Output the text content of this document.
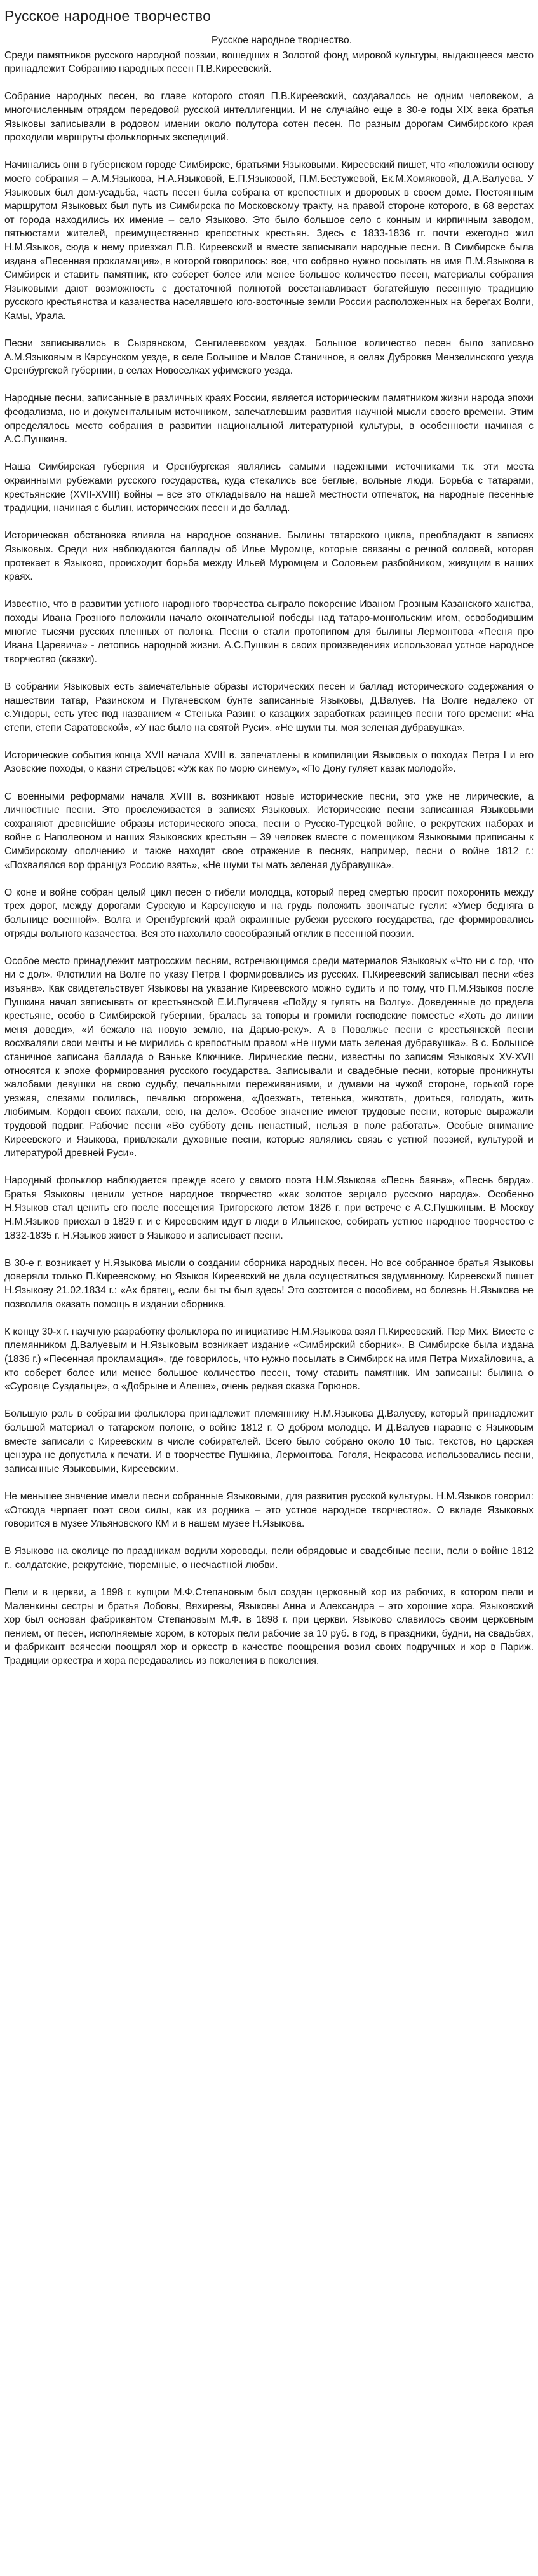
Русское народное творчество
Русское народное творчество.

Среди памятников русского народной поэзии, вошедших в Золотой фонд мировой культуры, выдающееся место принадлежит Собранию народных песен П.В.Киреевский.

Собрание народных песен, во главе которого стоял П.В.Киреевский, создавалось не одним человеком, а многочисленным отрядом передовой русской интеллигенции. И не случайно еще в 30-е годы XIX века братья Языковы записывали в родовом имении около полутора сотен песен. По разным дорогам Симбирского края проходили маршруты фольклорных экспедиций.

Начинались они в губернском городе Симбирске, братьями Языковыми. Киреевский пишет, что «положили основу моего собрания – А.М.Языкова, Н.А.Языковой, Е.П.Языковой, П.М.Бестужевой, Ек.М.Хомяковой, Д.А.Валуева. У Языковых был дом-усадьба, часть песен была собрана от крепостных и дворовых в своем доме. Постоянным маршрутом Языковых был путь из Симбирска по Московскому тракту, на правой стороне которого, в 68 верстах от города находились их имение – село Языково. Это было большое село с конным и кирпичным заводом, пятьюстами жителей, преимущественно крепостных крестьян. Здесь с 1833-1836 гг. почти ежегодно жил Н.М.Языков, сюда к нему приезжал П.В. Киреевский и вместе записывали народные песни. В Симбирске была издана «Песенная прокламация», в которой говорилось: все, что собрано нужно посылать на имя П.М.Языкова в Симбирск и ставить памятник, кто соберет более или менее большое количество песен, материалы собрания Языковыми дают возможность с достаточной полнотой восстанавливает богатейшую песенную традицию русского крестьянства и казачества населявшего юго-восточные земли России расположенных на берегах Волги, Камы, Урала.

Песни записывались в Сызранском, Сенгилеевском уездах. Большое количество песен было записано А.М.Языковым в Карсунском уезде, в селе Большое и Малое Станичное, в селах Дубровка Мензелинского уезда Оренбургской губернии, в селах Новоселках уфимского уезда.

Народные песни, записанные в различных краях России, является историческим памятником жизни народа эпохи феодализма, но и документальным источником, запечатлевшим развития научной мысли своего времени. Этим определялось место собрания в развитии национальной литературной культуры, в особенности начиная с А.С.Пушкина.

Наша Симбирская губерния и Оренбургская являлись самыми надежными источниками т.к. эти места окраинными рубежами русского государства, куда стекались все беглые, вольные люди. Борьба с татарами, крестьянские (XVII-XVIII) войны – все это откладывало на нашей местности отпечаток, на народные песенные традиции, начиная с былин, исторических песен и до баллад.

Историческая обстановка влияла на народное сознание. Былины татарского цикла, преобладают в записях Языковых. Среди них наблюдаются баллады об Илье Муромце, которые связаны с речной соловей, которая протекает в Языково, происходит борьба между Ильей Муромцем и Соловьем разбойником, живущим в наших краях.

Известно, что в развитии устного народного творчества сыграло покорение Иваном Грозным Казанского ханства, походы Ивана Грозного положили начало окончательной победы над татаро-монгольским игом, освободившим многие тысячи русских пленных от полона. Песни о стали протопипом для былины Лермонтова «Песня про Ивана Царевича» - летопись народной жизни. А.С.Пушкин в своих произведениях использовал устное народное творчество (сказки).

В собрании Языковых есть замечательные образы исторических песен и баллад исторического содержания о нашествии татар, Разинском и Пугачевском бунте записанные Языковы, Д.Валуев. На Волге недалеко от с.Ундоры, есть утес под названием « Стенька Разин; о казацких заработках разинцев песни того времени: «На степи, степи Саратовской», «У нас было на святой Руси», «Не шуми ты, моя зеленая дубравушка».

Исторические события конца XVII начала XVIII в. запечатлены в компиляции Языковых о походах Петра I и его Азовские походы, о казни стрельцов: «Уж как по морю синему», «По Дону гуляет казак молодой».

С военными реформами начала XVIII в. возникают новые исторические песни, это уже не лирические, а личностные песни. Это прослеживается в записях Языковых. Исторические песни записанная Языковыми сохраняют древнейшие образы исторического эпоса, песни о Русско-Турецкой войне, о рекрутских наборах и войне с Наполеоном и наших Языковских крестьян – 39 человек вместе с помещиком Языковыми приписаны к Симбирскому ополчению и также находят свое отражение в песнях, например, песни о войне 1812 г.: «Похвалялся вор француз Россию взять», «Не шуми ты мать зеленая дубравушка».

О коне и войне собран целый цикл песен о гибели молодца, который перед смертью просит похоронить между трех дорог, между дорогами Сурскую и Карсунскую и на грудь положить звончатые гусли: «Умер бедняга в больнице военной». Волга и Оренбургский край окраинные рубежи русского государства, где формировались отряды вольного казачества. Вся это нахолило своеобразный отклик в песенной поэзии.

Особое место принадлежит матросским песням, встречающимся среди материалов Языковых «Что ни с гор, что ни с дол». Флотилии на Волге по указу Петра I формировались из русских. П.Киреевский записывал песни «без изъяна». Как свидетельствует Языковы на указание Киреевского можно судить и по тому, что П.М.Языков после Пушкина начал записывать от крестьянской Е.И.Пугачева «Пойду я гулять на Волгу». Доведенные до предела крестьяне, особо в Симбирской губернии, бралась за топоры и громили господские поместье «Хоть до линии меня доведи», «И бежало на новую землю, на Дарью-реку». А в Поволжье песни с крестьянской песни восхваляли свои мечты и не мирились с крепостным правом «Не шуми мать зеленая дубравушка». В с. Большое станичное записана баллада о Ваньке Ключнике. Лирические песни, известны по записям Языковых XV-XVII относятся к эпохе формирования русского государства. Записывали и свадебные песни, которые проникнуты жалобами девушки на свою судьбу, печальными переживаниями, и думами на чужой стороне, горькой горе уезжая, слезами полилась, печалью огорожена, «Доезжать, тетенька, животать, доиться, голодать, жить любимым. Кордон своих пахали, сею, на дело». Особое значение имеют трудовые песни, которые выражали трудовой подвиг. Рабочие песни «Во субботу день ненастный, нельзя в поле работать». Особые внимание Киреевского и Языкова, привлекали духовные песни, которые являлись связь с устной поэзией, культурой и литературой древней Руси».

Народный фольклор наблюдается прежде всего у самого поэта Н.М.Языкова «Песнь баяна», «Песнь барда». Братья Языковы ценили устное народное творчество «как золотое зерцало русского народа». Особенно Н.Языков стал ценить его после посещения Тригорского летом 1826 г. при встрече с А.С.Пушкиным. В Москву Н.М.Языков приехал в 1829 г. и с Киреевским идут в люди в Ильинское, собирать устное народное творчество с 1832-1835 г. Н.Языков живет в Языково и записывает песни.

В 30-е г. возникает у Н.Языкова мысли о создании сборника народных песен. Но все собранное братья Языковы доверяли только П.Киреевскому, но Языков Киреевский не дала осуществиться задуманному. Киреевский пишет Н.Языкову 21.02.1834 г.: «Ах братец, если бы ты был здесь! Это состоится с пособием, но болезнь Н.Языкова не позволила оказать помощь в издании сборника.

К концу 30-х г. научную разработку фольклора по инициативе Н.М.Языкова взял П.Киреевский. Пер Мих. Вместе с племянником Д.Валуевым и Н.Языковым возникает издание «Симбирский сборник». В Симбирске была издана (1836 г.) «Песенная прокламация», где говорилось, что нужно посылать в Симбирск на имя Петра Михайловича, а кто соберет более или менее большое количество песен, тому ставить памятник. Им записаны: былина о «Суровце Суздальце», о «Добрыне и Алеше», очень редкая сказка Горюнов.

Большую роль в собрании фольклора принадлежит племяннику Н.М.Языкова Д.Валуеву, который принадлежит большой материал о татарском полоне, о войне 1812 г. О добром молодце. И Д.Валуев наравне с Языковым вместе записали с Киреевским в числе собирателей. Всего было собрано около 10 тыс. текстов, но царская цензура не допустила к печати. И в творчестве Пушкина, Лермонтова, Гоголя, Некрасова использовались песни, записанные Языковыми, Киреевским.

Не меньшее значение имели песни собранные Языковыми, для развития русской культуры. Н.М.Языков говорил: «Отсюда черпает поэт свои силы, как из родника – это устное народное творчество». О вкладе Языковых говорится в музее Ульяновского КМ и в нашем музее Н.Языкова.

В Языково на околице по праздникам водили хороводы, пели обрядовые и свадебные песни, пели о войне 1812 г., солдатские, рекрутские, тюремные, о несчастной любви.

Пели и в церкви, а 1898 г. купцом М.Ф.Степановым был создан церковный хор из рабочих, в котором пели и Маленкины сестры и братья Лобовы, Вяхиревы, Языковы Анна и Александра – это хорошие хора. Языковский хор был основан фабрикантом Степановым М.Ф. в 1898 г. при церкви. Языково славилось своим церковным пением, от песен, исполняемые хором, в которых пели рабочие за 10 руб. в год, в праздники, будни, на свадьбах, и фабрикант всячески поощрял хор и оркестр в качестве поощрения возил своих подручных и хор в Париж. Традиции оркестра и хора передавались из поколения в поколения.
